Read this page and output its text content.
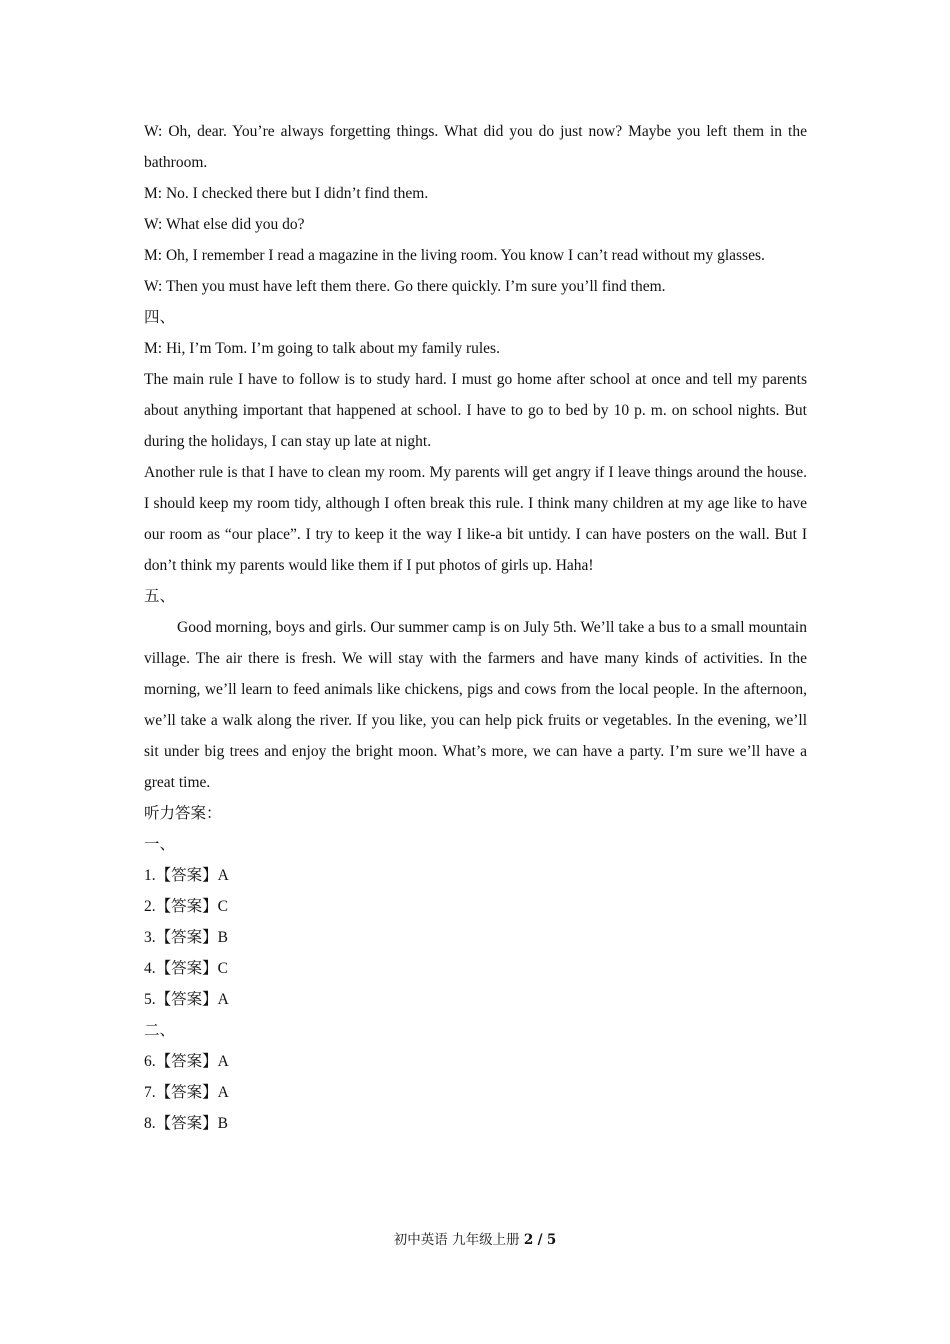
W: Oh, dear. You’re always forgetting things. What did you do just now? Maybe you left them in the bathroom.

M: No. I checked there but I didn’t find them.

W: What else did you do?

M: Oh, I remember I read a magazine in the living room. You know I can’t read without my glasses.

W: Then you must have left them there. Go there quickly. I’m sure you’ll find them.

四、

M: Hi, I’m Tom. I’m going to talk about my family rules.

The main rule I have to follow is to study hard. I must go home after school at once and tell my parents about anything important that happened at school. I have to go to bed by 10 p. m. on school nights. But during the holidays, I can stay up late at night.

Another rule is that I have to clean my room. My parents will get angry if I leave things around the house. I should keep my room tidy, although I often break this rule. I think many children at my age like to have our room as “our place”. I try to keep it the way I like-a bit untidy. I can have posters on the wall. But I don’t think my parents would like them if I put photos of girls up. Haha!

五、

Good morning, boys and girls. Our summer camp is on July 5th. We’ll take a bus to a small mountain village. The air there is fresh. We will stay with the farmers and have many kinds of activities. In the morning, we’ll learn to feed animals like chickens, pigs and cows from the local people. In the afternoon, we’ll take a walk along the river. If you like, you can help pick fruits or vegetables. In the evening, we’ll sit under big trees and enjoy the bright moon. What’s more, we can have a party. I’m sure we’ll have a great time.

听力答案：

一、

1.【答案】A

2.【答案】C

3.【答案】B

4.【答案】C

5.【答案】A

二、

6.【答案】A

7.【答案】A

8.【答案】B

初中英语 九年级上册 2 / 5
